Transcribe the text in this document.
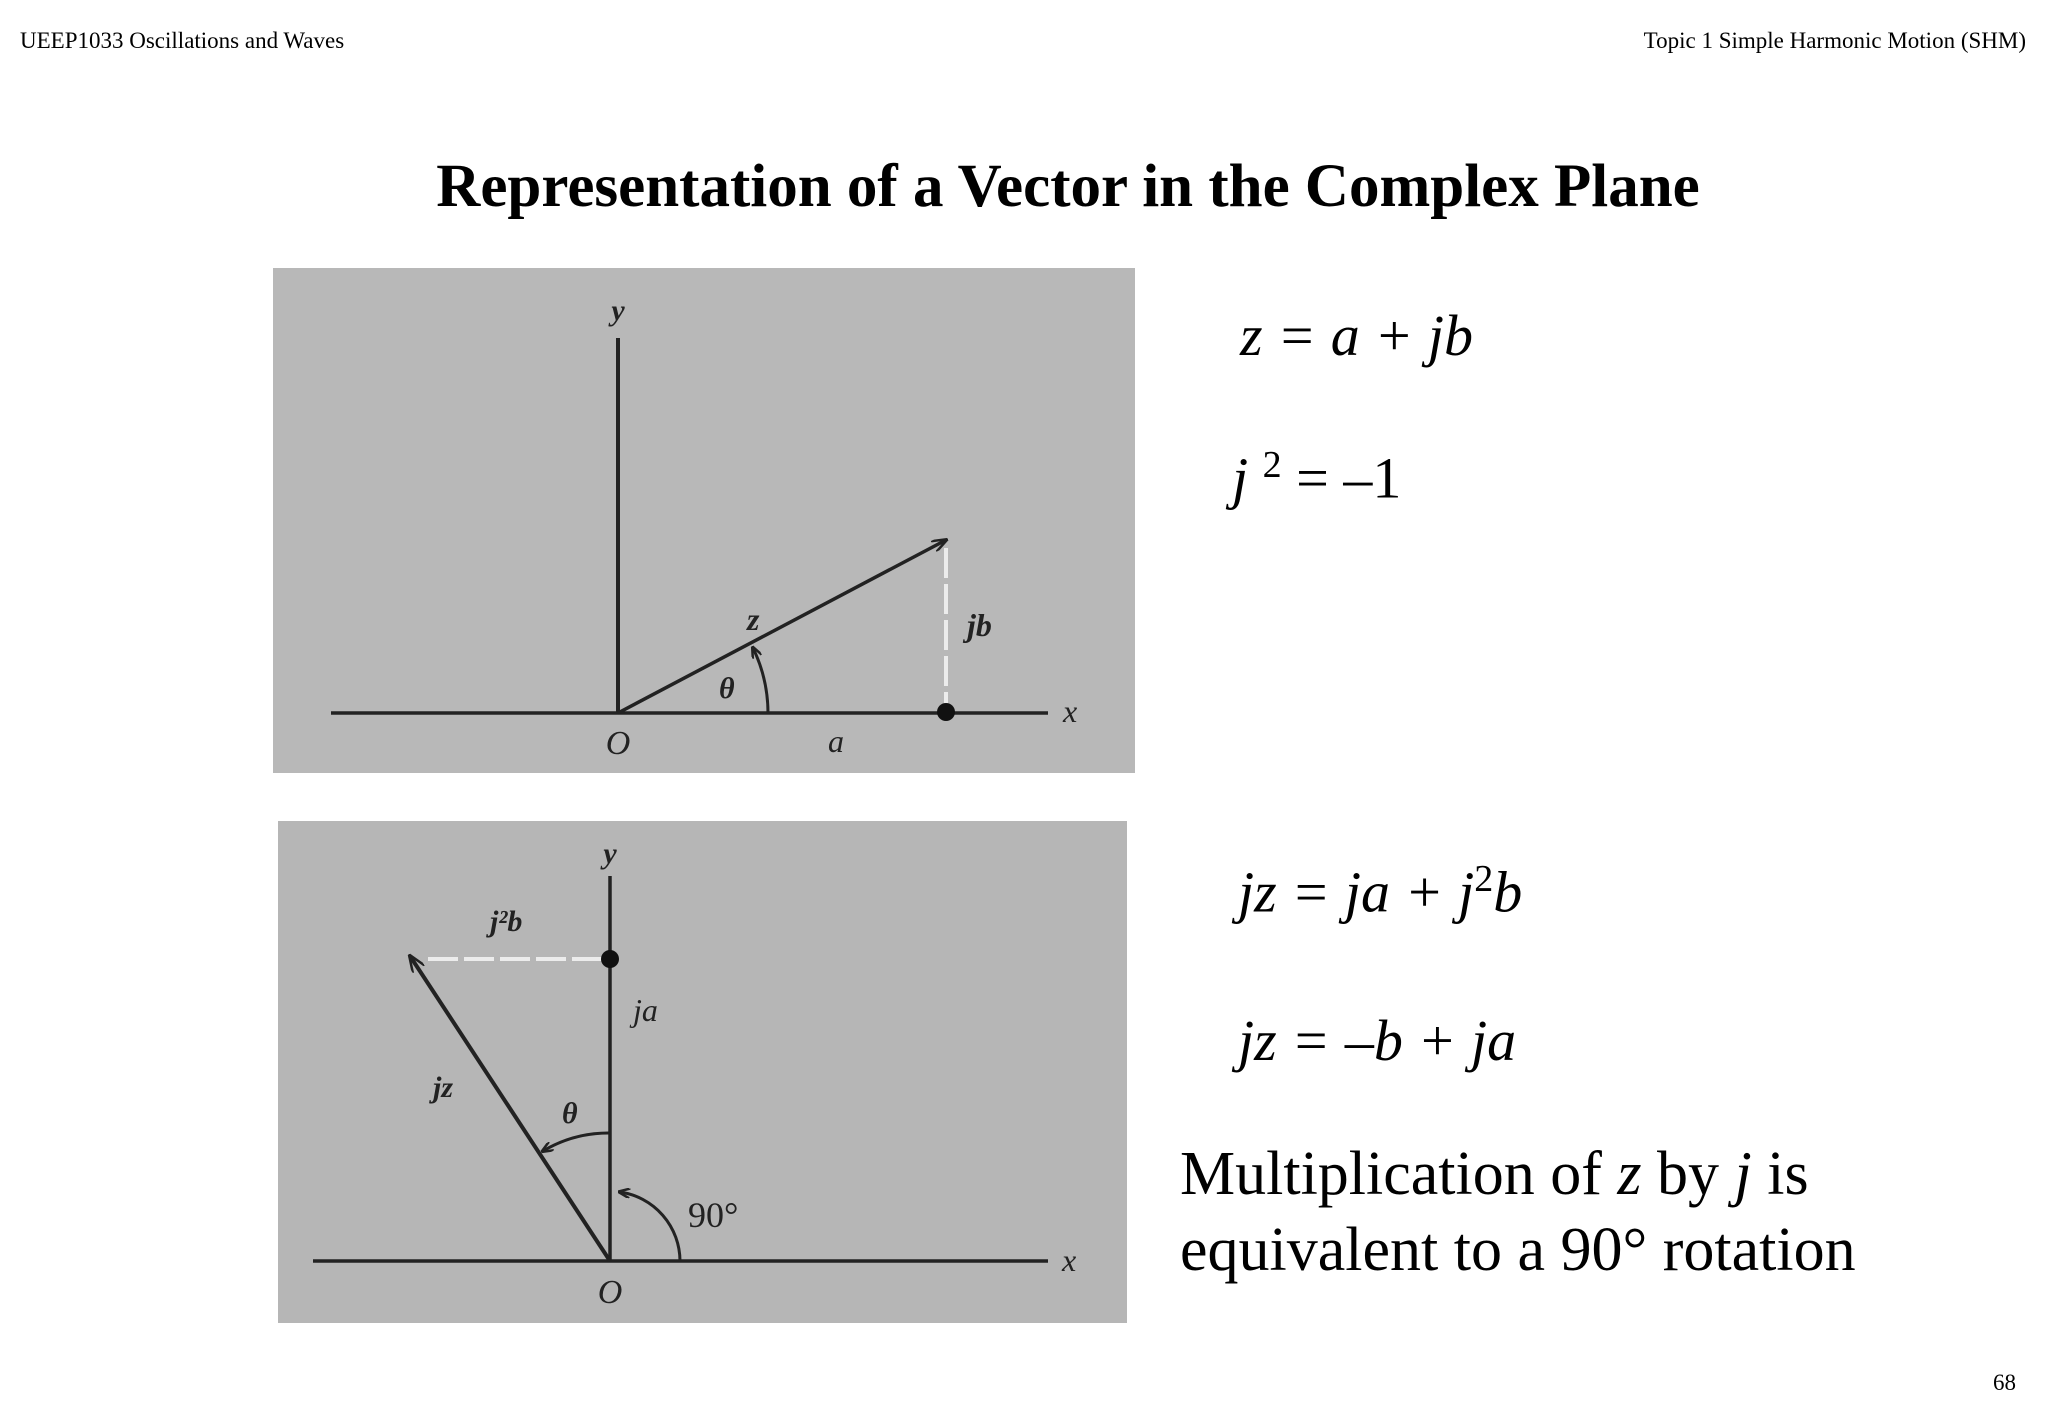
UEEP1033 Oscillations and Waves	Topic 1 Simple Harmonic Motion (SHM)
Representation of a Vector in the Complex Plane
y
x
O
z
θ
a
jb
y
x
O
jz
θ
90°
j²b
ja
z = a + jb
j $^2$ = –1
jz = ja + $j^2b$
jz = –b + ja
Multiplication of z by j is equivalent to a 90° rotation
68
